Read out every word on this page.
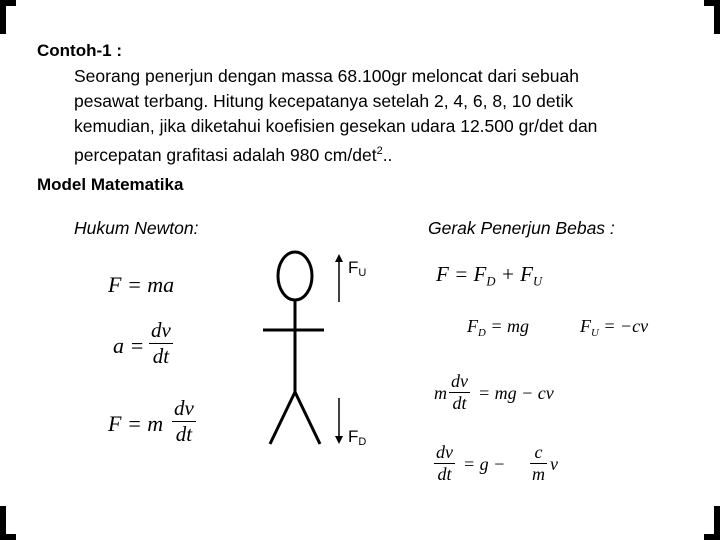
Contoh-1 :
Seorang penerjun dengan massa 68.100gr meloncat dari sebuah
pesawat terbang. Hitung kecepatanya setelah 2, 4, 6, 8, 10 detik
kemudian, jika diketahui koefisien gesekan udara 12.500 gr/det dan
percepatan grafitasi adalah 980 $cm/\det^2$..
Model Matematika
Hukum Newton:	Gerak Penerjun Bebas :
$F_U$
$F_D$
F = ma
a =
dv
dt
F = m
dv
dt
$F = F_D + F_U$
$F_D$ = mg	$F_U = -cv$
m
dv
dt = mg − cv
dv
dt = g −
c
m v
